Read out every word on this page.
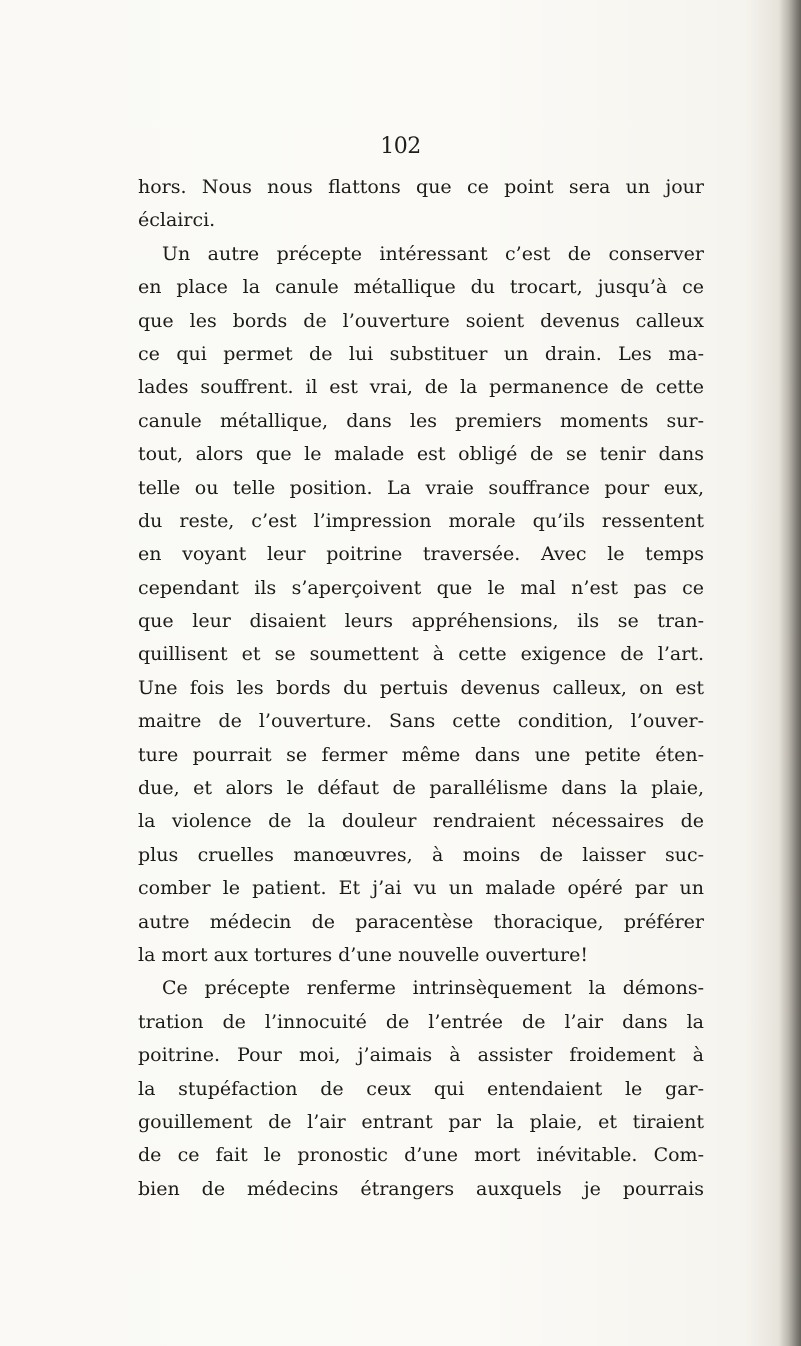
102
hors. Nous nous flattons que ce point sera un jour
éclairci.
Un autre précepte intéressant c’est de conserver
en place la canule métallique du trocart, jusqu’à ce
que les bords de l’ouverture soient devenus calleux
ce qui permet de lui substituer un drain. Les ma-
lades souffrent. il est vrai, de la permanence de cette
canule métallique, dans les premiers moments sur-
tout, alors que le malade est obligé de se tenir dans
telle ou telle position. La vraie souffrance pour eux,
du reste, c’est l’impression morale qu’ils ressentent
en voyant leur poitrine traversée. Avec le temps
cependant ils s’aperçoivent que le mal n’est pas ce
que leur disaient leurs appréhensions, ils se tran-
quillisent et se soumettent à cette exigence de l’art.
Une fois les bords du pertuis devenus calleux, on est
maitre de l’ouverture. Sans cette condition, l’ouver-
ture pourrait se fermer même dans une petite éten-
due, et alors le défaut de parallélisme dans la plaie,
la violence de la douleur rendraient nécessaires de
plus cruelles manœuvres, à moins de laisser suc-
comber le patient. Et j’ai vu un malade opéré par un
autre médecin de paracentèse thoracique, préférer
la mort aux tortures d’une nouvelle ouverture!
Ce précepte renferme intrinsèquement la démons-
tration de l’innocuité de l’entrée de l’air dans la
poitrine. Pour moi, j’aimais à assister froidement à
la stupéfaction de ceux qui entendaient le gar-
gouillement de l’air entrant par la plaie, et tiraient
de ce fait le pronostic d’une mort inévitable. Com-
bien de médecins étrangers auxquels je pourrais
